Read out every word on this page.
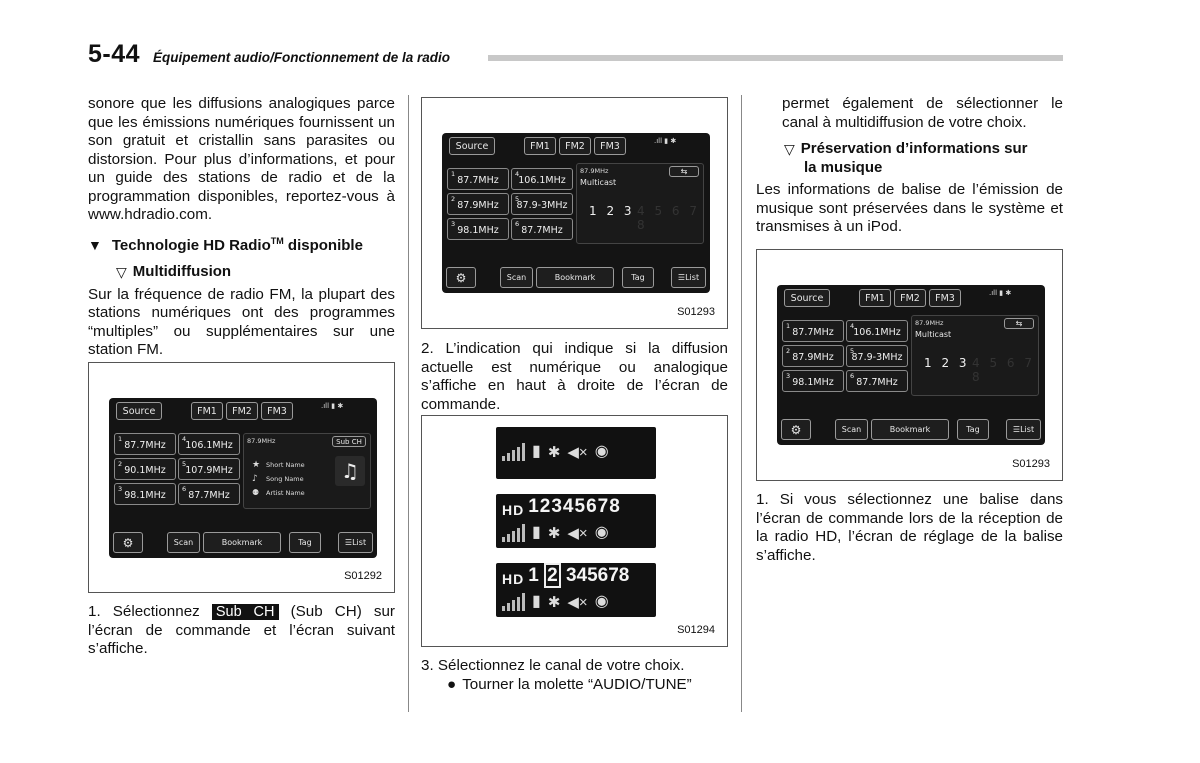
5-44 Équipement audio/Fonctionnement de la radio

sonore que les diffusions analogiques parce que les émissions numériques fournissent un son gratuit et cristallin sans parasites ou distorsion. Pour plus d’informations, et pour un guide des stations de radio et de la programmation disponibles, reportez-vous à www.hdradio.com.

▼ Technologie HD Radio™ disponible
▽ Multidiffusion

Sur la fréquence de radio FM, la plupart des stations numériques ont des programmes “multiples” ou supplémentaires sur une station FM.

Source	FM1	FM2	FM3	.ıll ▮ ✱
1
87.7MHz
4
106.1MHz
2
90.1MHz
5
107.9MHz
3
98.1MHz
6
87.7MHz
87.9MHz	Sub CH
★ Short Name
♪ Song Name
⚉ Artist Name
♫
⚙	Scan	Bookmark	Tag	☰ List
S01292
1. Sélectionnez Sub CH (Sub CH) sur l’écran de commande et l’écran suivant s’affiche.
Source	FM1	FM2	FM3	.ıll ▮ ✱
1
87.7MHz
4
106.1MHz
2
87.9MHz
5
87.9-3MHz
3
98.1MHz
6
87.7MHz
87.9MHz
Multicast
⇆
1 2 3 4 5 6 7 8
⚙	Scan	Bookmark	Tag	☰ List
S01293

2. L’indication qui indique si la diffusion actuelle est numérique ou analogique s’affiche en haut à droite de l’écran de commande.

▮ ✱ ◀× ◉
HD 12345678
▮ ✱ ◀× ◉
HD 1 2 345678
▮ ✱ ◀× ◉
S01294

3. Sélectionnez le canal de votre choix.

● Tourner la molette “AUDIO/TUNE”

permet également de sélectionner le canal à multidiffusion de votre choix.

▽ Préservation d’informations sur
la musique

Les informations de balise de l’émission de musique sont préservées dans le système et transmises à un iPod.

Source	FM1	FM2	FM3	.ıll ▮ ✱
1
87.7MHz
4
106.1MHz
2
87.9MHz
5
87.9-3MHz
3
98.1MHz
6
87.7MHz
87.9MHz
Multicast
⇆
1 2 3 4 5 6 7 8
⚙	Scan	Bookmark	Tag	☰ List
S01293

1. Si vous sélectionnez une balise dans l’écran de commande lors de la réception de la radio HD, l’écran de réglage de la balise s’affiche.
